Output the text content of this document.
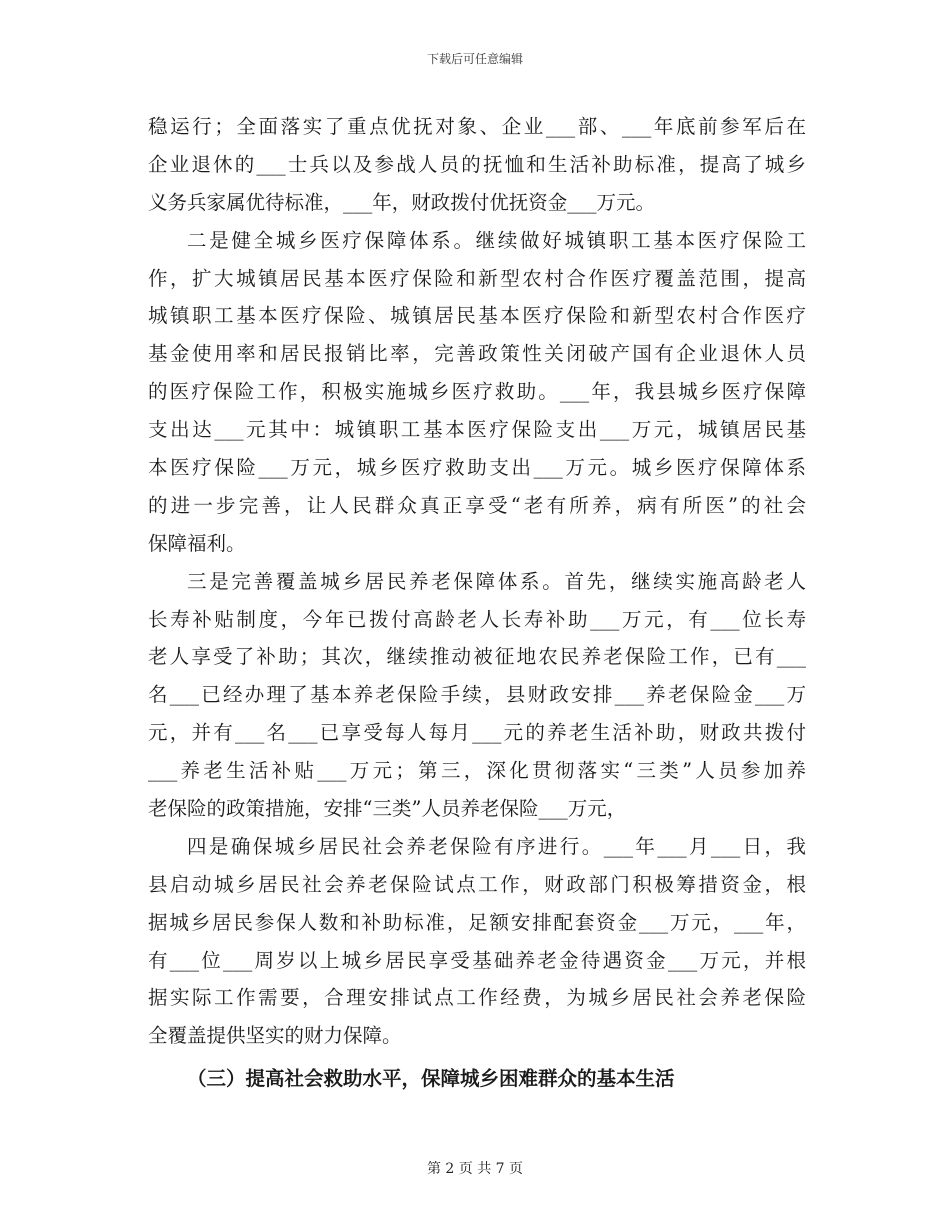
下载后可任意编辑
稳运行；全面落实了重点优抚对象、企业___部、___年底前参军后在
企业退休的___士兵以及参战人员的抚恤和生活补助标准，提高了城乡
义务兵家属优待标准，___年，财政拨付优抚资金___万元。
二是健全城乡医疗保障体系。继续做好城镇职工基本医疗保险工
作，扩大城镇居民基本医疗保险和新型农村合作医疗覆盖范围，提高
城镇职工基本医疗保险、城镇居民基本医疗保险和新型农村合作医疗
基金使用率和居民报销比率，完善政策性关闭破产国有企业退休人员
的医疗保险工作，积极实施城乡医疗救助。___年，我县城乡医疗保障
支出达___元其中：城镇职工基本医疗保险支出___万元，城镇居民基
本医疗保险___万元，城乡医疗救助支出___万元。城乡医疗保障体系
的进一步完善，让人民群众真正享受“老有所养，病有所医”的社会
保障福利。
三是完善覆盖城乡居民养老保障体系。首先，继续实施高龄老人
长寿补贴制度，今年已拨付高龄老人长寿补助___万元，有___位长寿
老人享受了补助；其次，继续推动被征地农民养老保险工作，已有___
名___已经办理了基本养老保险手续，县财政安排___养老保险金___万
元，并有___名___已享受每人每月___元的养老生活补助，财政共拨付
___养老生活补贴___万元；第三，深化贯彻落实“三类”人员参加养
老保险的政策措施，安排“三类”人员养老保险___万元，
四是确保城乡居民社会养老保险有序进行。___年___月___日，我
县启动城乡居民社会养老保险试点工作，财政部门积极筹措资金，根
据城乡居民参保人数和补助标准，足额安排配套资金___万元，___年，
有___位___周岁以上城乡居民享受基础养老金待遇资金___万元，并根
据实际工作需要，合理安排试点工作经费，为城乡居民社会养老保险
全覆盖提供坚实的财力保障。
（三）提高社会救助水平，保障城乡困难群众的基本生活
第 2 页 共 7 页
